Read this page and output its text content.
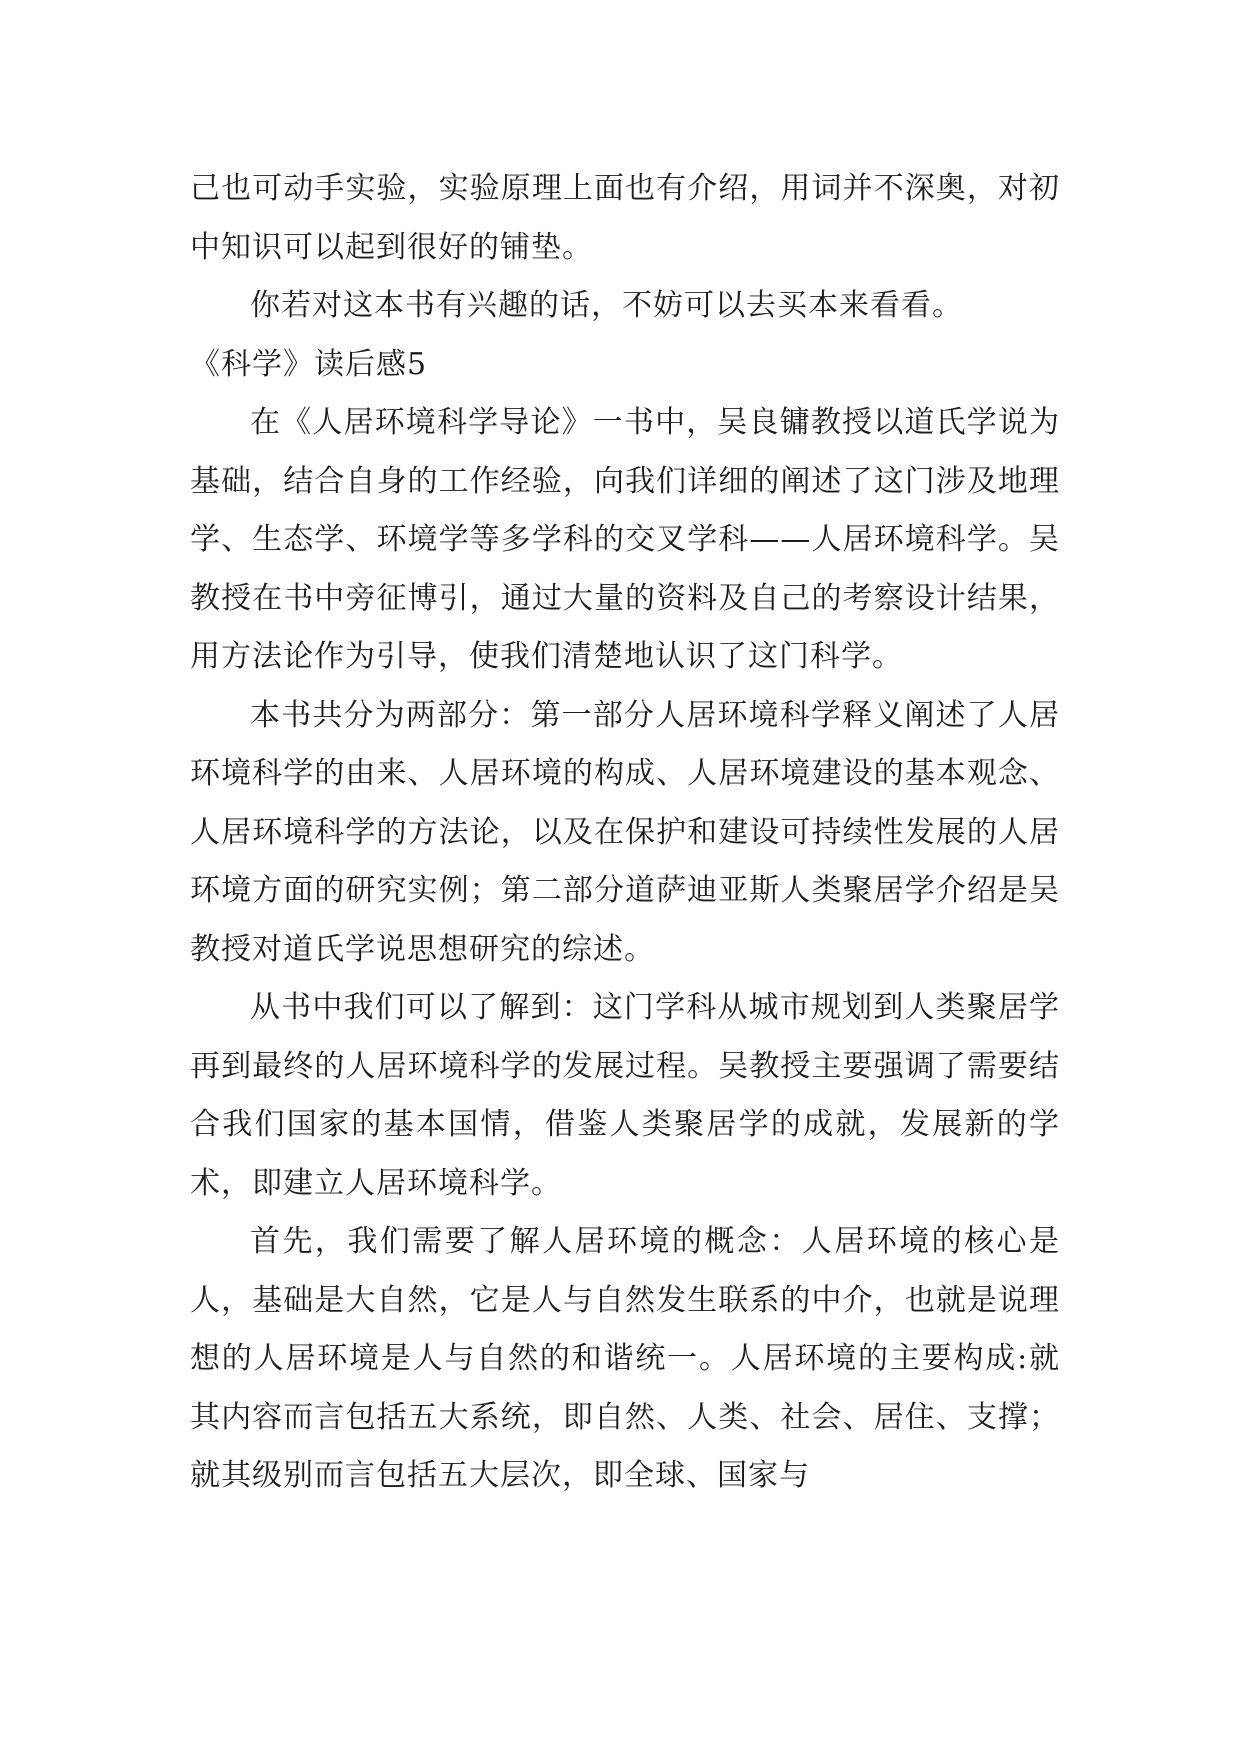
己也可动手实验，实验原理上面也有介绍，用词并不深奥，对初中知识可以起到很好的铺垫。

你若对这本书有兴趣的话，不妨可以去买本来看看。

《科学》读后感5

在《人居环境科学导论》一书中，吴良镛教授以道氏学说为基础，结合自身的工作经验，向我们详细的阐述了这门涉及地理学、生态学、环境学等多学科的交叉学科——人居环境科学。吴教授在书中旁征博引，通过大量的资料及自己的考察设计结果，用方法论作为引导，使我们清楚地认识了这门科学。

本书共分为两部分：第一部分人居环境科学释义阐述了人居环境科学的由来、人居环境的构成、人居环境建设的基本观念、人居环境科学的方法论，以及在保护和建设可持续性发展的人居环境方面的研究实例；第二部分道萨迪亚斯人类聚居学介绍是吴教授对道氏学说思想研究的综述。

从书中我们可以了解到：这门学科从城市规划到人类聚居学再到最终的人居环境科学的发展过程。吴教授主要强调了需要结合我们国家的基本国情，借鉴人类聚居学的成就，发展新的学术，即建立人居环境科学。

首先，我们需要了解人居环境的概念：人居环境的核心是人，基础是大自然，它是人与自然发生联系的中介，也就是说理想的人居环境是人与自然的和谐统一。人居环境的主要构成:就其内容而言包括五大系统，即自然、人类、社会、居住、支撑；就其级别而言包括五大层次，即全球、国家与
